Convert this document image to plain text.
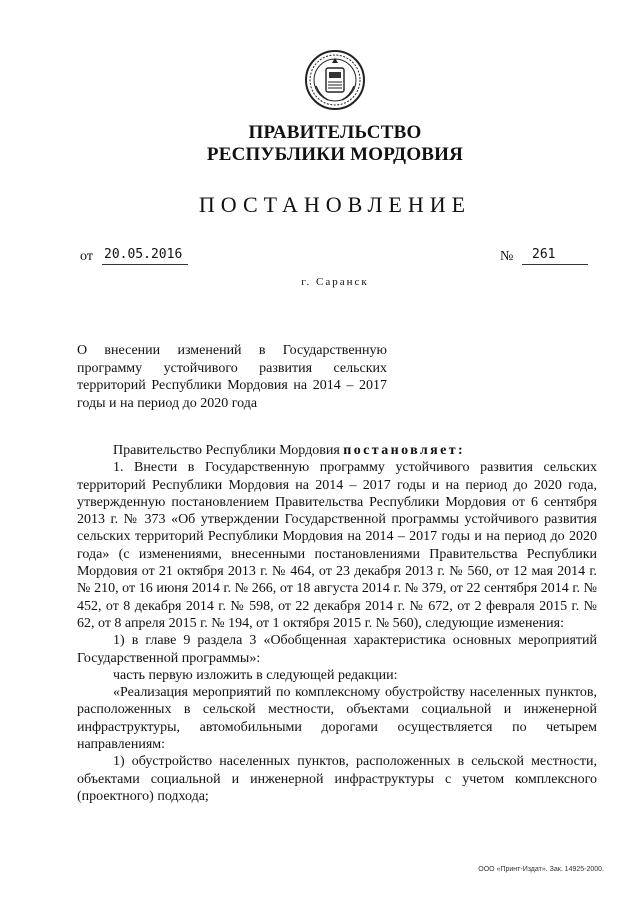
ПРАВИТЕЛЬСТВО
РЕСПУБЛИКИ МОРДОВИЯ
ПОСТАНОВЛЕНИЕ
от 20.05.2016	№	261
г. Саранск
О внесении изменений в Государственную программу устойчивого развития сельских территорий Республики Мордовия на 2014 – 2017 годы и на период до 2020 года

Правительство Республики Мордовия постановляет:

1. Внести в Государственную программу устойчивого развития сельских территорий Республики Мордовия на 2014 – 2017 годы и на период до 2020 года, утвержденную постановлением Правительства Республики Мордовия от 6 сентября 2013 г. № 373 «Об утверждении Государственной программы устойчивого развития сельских территорий Республики Мордовия на 2014 – 2017 годы и на период до 2020 года» (с изменениями, внесенными постановлениями Правительства Республики Мордовия от 21 октября 2013 г. № 464, от 23 декабря 2013 г. № 560, от 12 мая 2014 г. № 210, от 16 июня 2014 г. № 266, от 18 августа 2014 г. № 379, от 22 сентября 2014 г. № 452, от 8 декабря 2014 г. № 598, от 22 декабря 2014 г. № 672, от 2 февраля 2015 г. № 62, от 8 апреля 2015 г. № 194, от 1 октября 2015 г. № 560), следующие изменения:

1) в главе 9 раздела 3 «Обобщенная характеристика основных мероприятий Государственной программы»:

часть первую изложить в следующей редакции:

«Реализация мероприятий по комплексному обустройству населенных пунктов, расположенных в сельской местности, объектами социальной и инженерной инфраструктуры, автомобильными дорогами осуществляется по четырем направлениям:

1) обустройство населенных пунктов, расположенных в сельской местности, объектами социальной и инженерной инфраструктуры с учетом комплексного (проектного) подхода;

ООО «Принт-Издат». Зак. 14925-2000.
